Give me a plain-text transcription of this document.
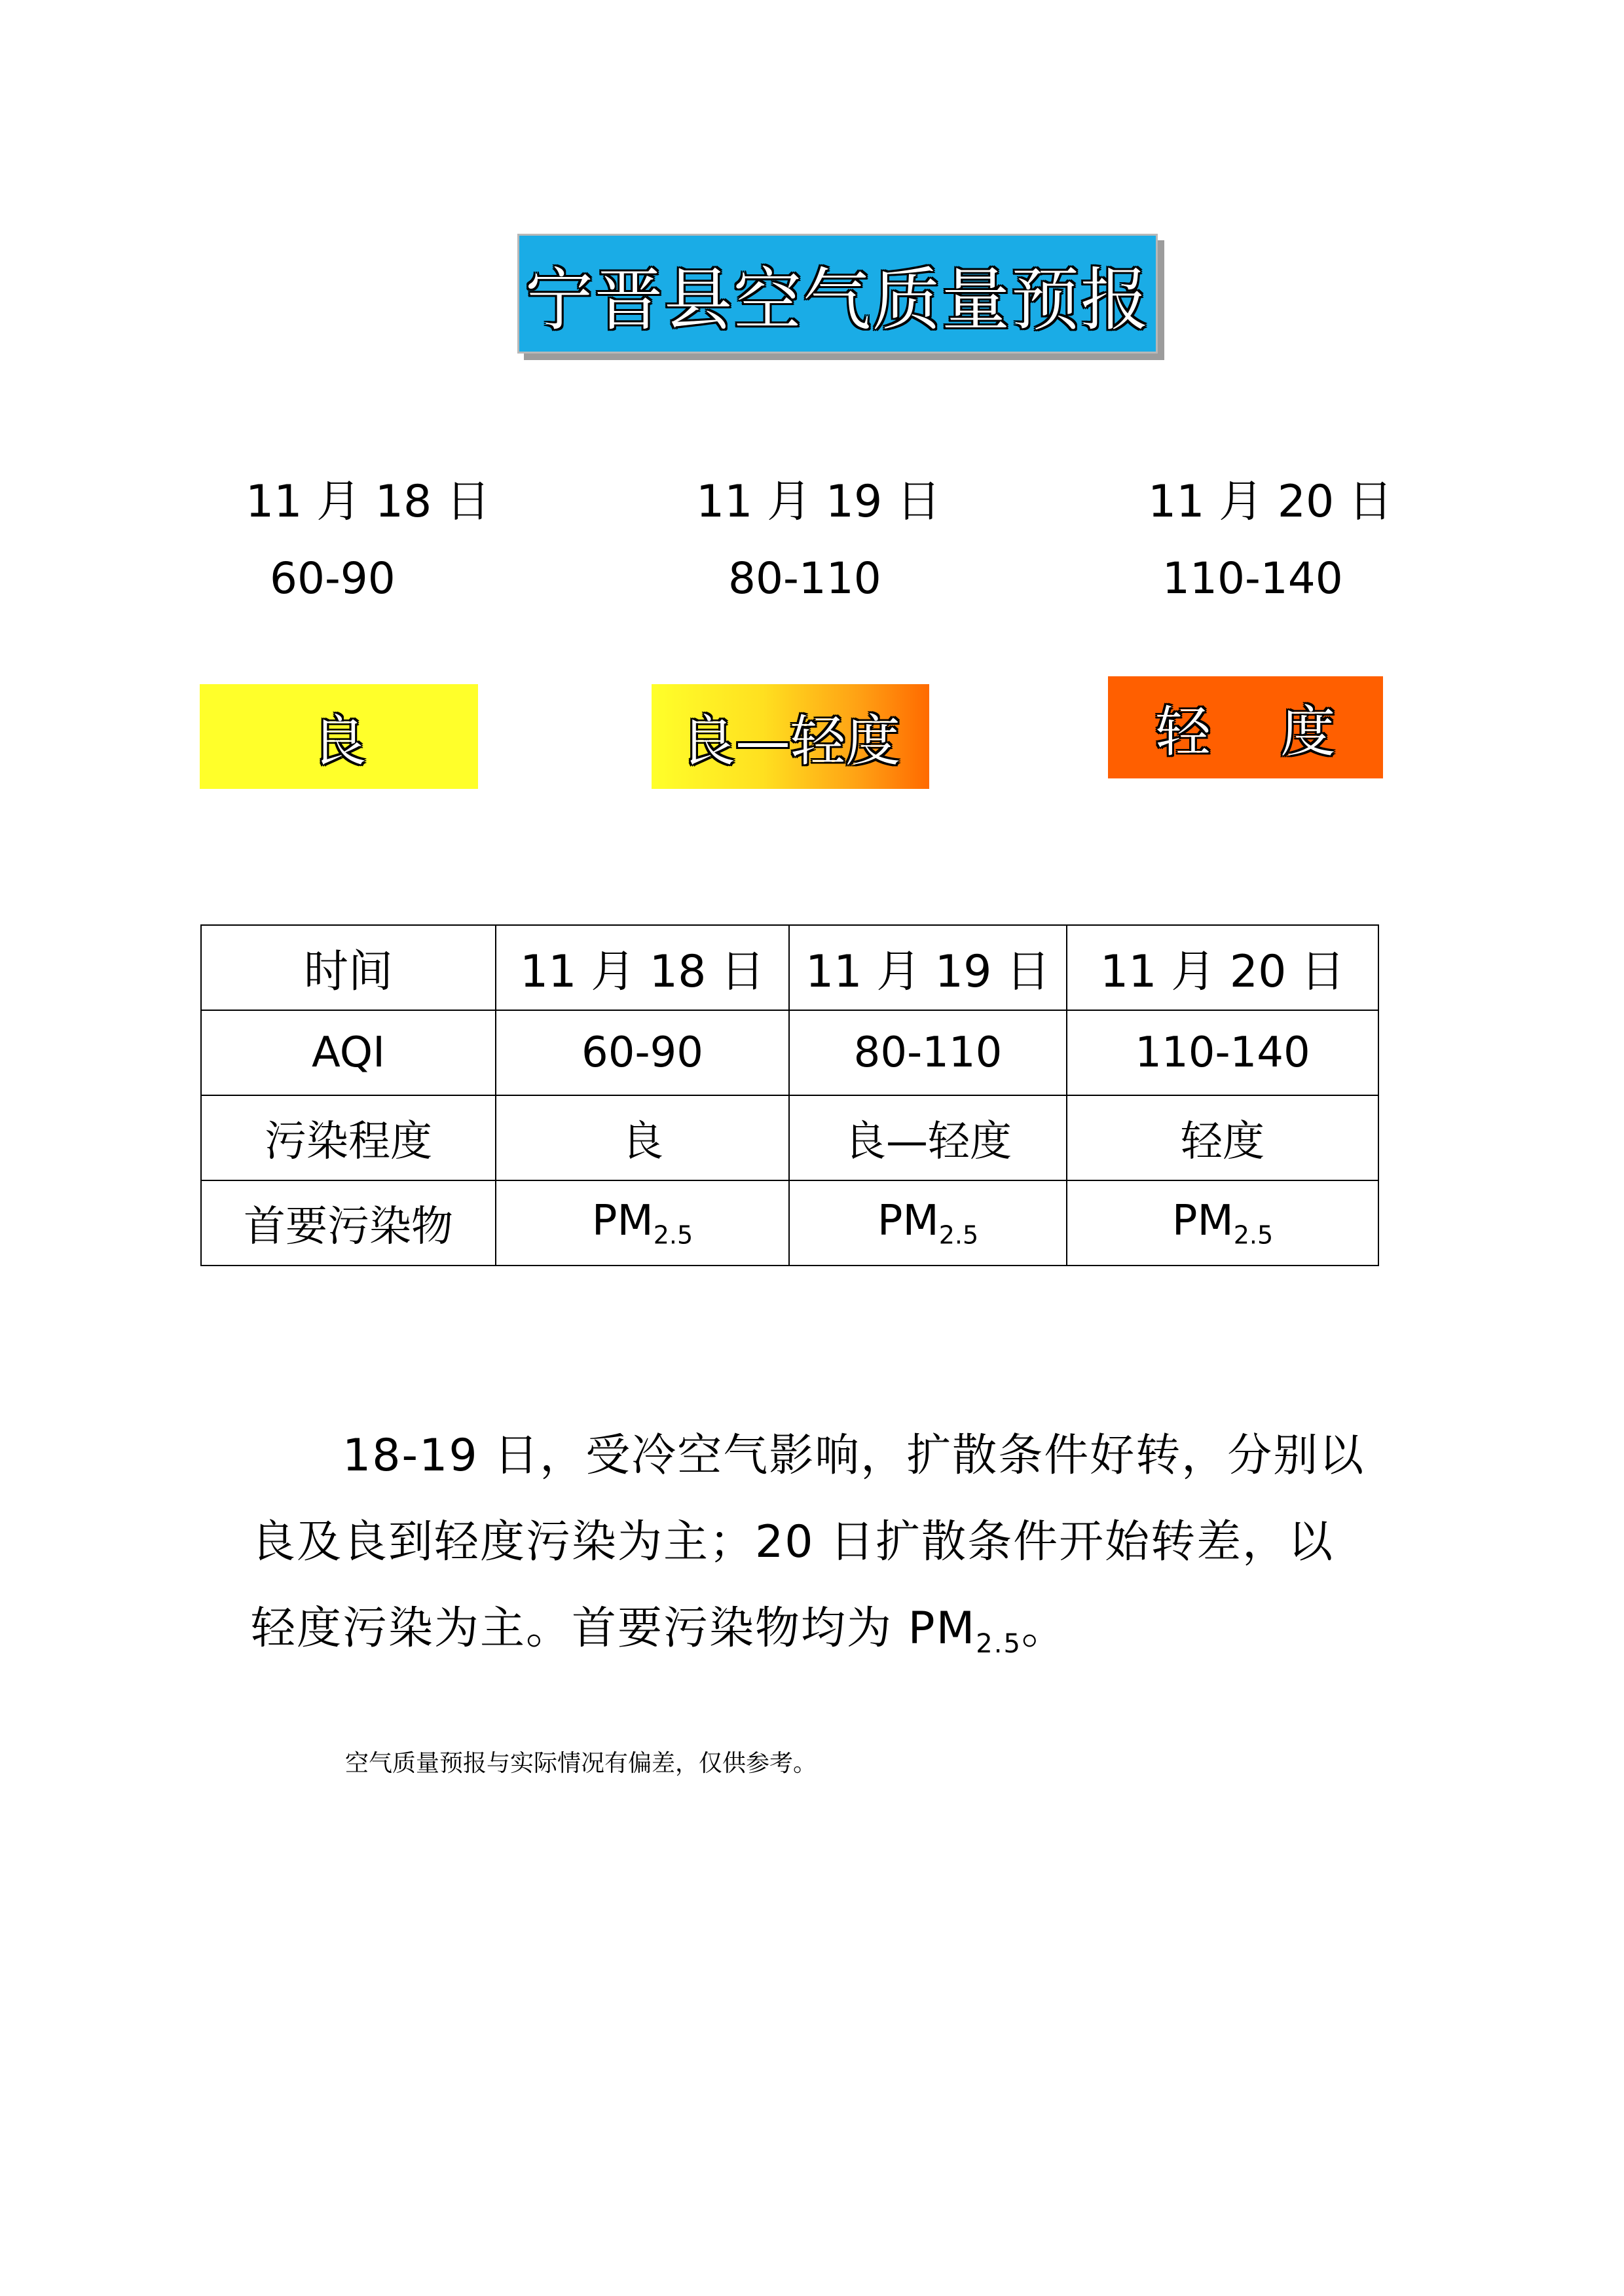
宁晋县空气质量预报
11 月 18 日	11 月 19 日	11 月 20 日
60-90	80-110	110-140
良	良—轻度	轻    度
时间	11 月 18 日	11 月 19 日	11 月 20 日
AQI	60-90	80-110	110-140
污染程度	良	良—轻度	轻度
首要污染物	$PM_{2.5}$	$PM_{2.5}$	$PM_{2.5}$

18-19 日，受冷空气影响，扩散条件好转，分别以良及良到轻度污染为主；20 日扩散条件开始转差，以轻度污染为主。首要污染物均为 $PM_{2.5}$。

空气质量预报与实际情况有偏差，仅供参考。
